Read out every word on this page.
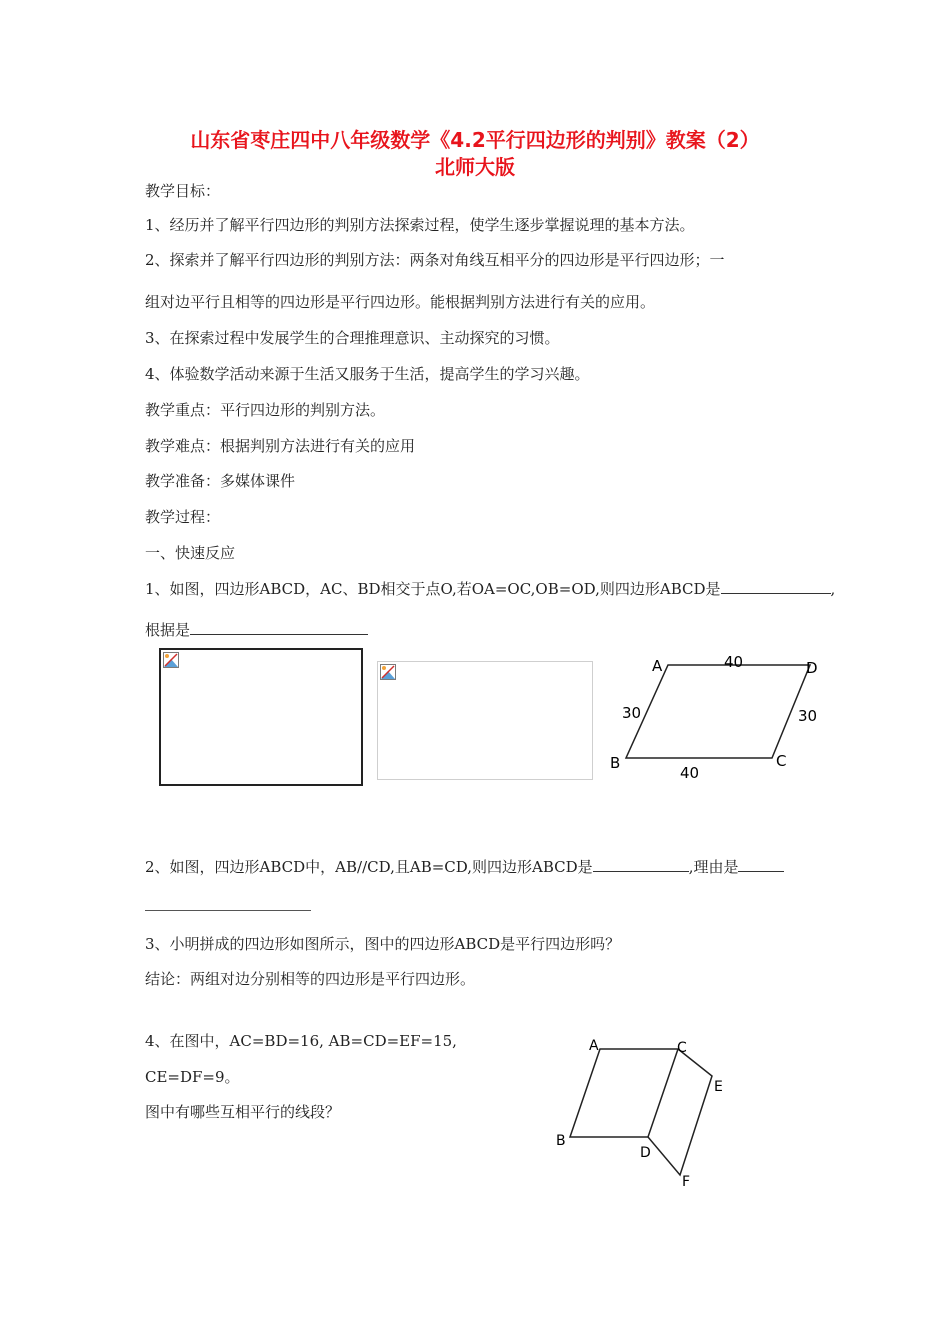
山东省枣庄四中八年级数学《4.2平行四边形的判别》教案（2）
北师大版
教学目标：
1、经历并了解平行四边形的判别方法探索过程，使学生逐步掌握说理的基本方法。
2、探索并了解平行四边形的判别方法：两条对角线互相平分的四边形是平行四边形；一
组对边平行且相等的四边形是平行四边形。能根据判别方法进行有关的应用。
3、在探索过程中发展学生的合理推理意识、主动探究的习惯。
4、体验数学活动来源于生活又服务于生活，提高学生的学习兴趣。
教学重点：平行四边形的判别方法。
教学难点：根据判别方法进行有关的应用
教学准备：多媒体课件
教学过程：
一、快速反应
1、如图，四边形ABCD，AC、BD相交于点O,若OA=OC,OB=OD,则四边形ABCD是	,
根据是
A	D
B	C
40
40
30	30
2、如图，四边形ABCD中，AB//CD,且AB=CD,则四边形ABCD是	,理由是
3、小明拼成的四边形如图所示，图中的四边形ABCD是平行四边形吗？
结论：两组对边分别相等的四边形是平行四边形。
4、在图中，AC=BD=16, AB=CD=EF=15,
CE=DF=9。
图中有哪些互相平行的线段？
A	C
E
B
D
F
